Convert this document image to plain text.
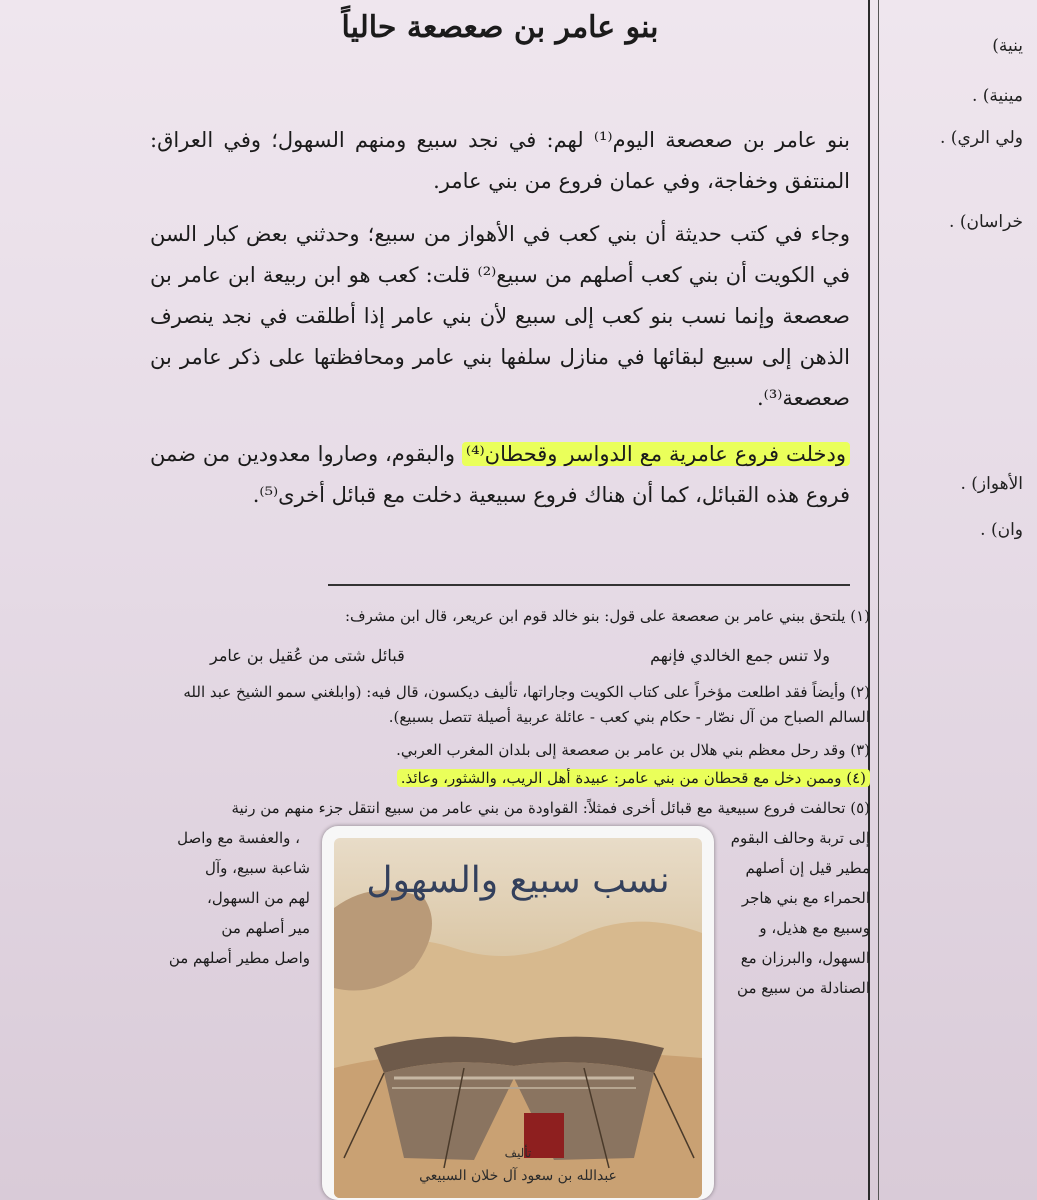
ينية)
مينية) .
ولي الري) .
خراسان) .
الأهواز) .
وان) .
بنو عامر بن صعصعة حالياً
بنو عامر بن صعصعة اليوم⁽¹⁾ لهم: في نجد سبيع ومنهم السهول؛ وفي العراق: المنتفق وخفاجة، وفي عمان فروع من بني عامر.
وجاء في كتب حديثة أن بني كعب في الأهواز من سبيع؛ وحدثني بعض كبار السن في الكويت أن بني كعب أصلهم من سبيع⁽²⁾ قلت: كعب هو ابن ربيعة ابن عامر بن صعصعة وإنما نسب بنو كعب إلى سبيع لأن بني عامر إذا أطلقت في نجد ينصرف الذهن إلى سبيع لبقائها في منازل سلفها بني عامر ومحافظتها على ذكر عامر بن صعصعة⁽³⁾.
ودخلت فروع عامرية مع الدواسر وقحطان⁽⁴⁾ والبقوم، وصاروا معدودين من ضمن فروع هذه القبائل، كما أن هناك فروع سبيعية دخلت مع قبائل أخرى⁽⁵⁾.
(١) يلتحق ببني عامر بن صعصعة على قول: بنو خالد قوم ابن عريعر، قال ابن مشرف:
ولا تنس جمع الخالدي فإنهم
قبائل شتى من عُقيل بن عامر
(٢) وأيضاً فقد اطلعت مؤخراً على كتاب الكويت وجاراتها، تأليف ديكسون، قال فيه: (وابلغني سمو الشيخ عبد الله السالم الصباح من آل نصّار - حكام بني كعب - عائلة عربية أصيلة تتصل بسبيع).
(٣) وقد رحل معظم بني هلال بن عامر بن صعصعة إلى بلدان المغرب العربي.
(٤) وممن دخل مع قحطان من بني عامر: عبيدة أهل الريب، والشثور، وعائذ.
(٥) تحالفت فروع سبيعية مع قبائل أخرى فمثلاً: القواودة من بني عامر من سبيع انتقل جزء منهم من رنية
إلى تربة وحالف البقوم
، والعفسة مع واصل
مطير قيل إن أصلهم
شاعبة سبيع، وآل
الحمراء مع بني هاجر
لهم من السهول،
وسبيع مع هذيل، و
مير أصلهم من
السهول، والبرزان مع
واصل مطير أصلهم من
الصنادلة من سبيع من
نسب سبيع والسهول
تأليف
عبدالله بن سعود آل خلان السبيعي
